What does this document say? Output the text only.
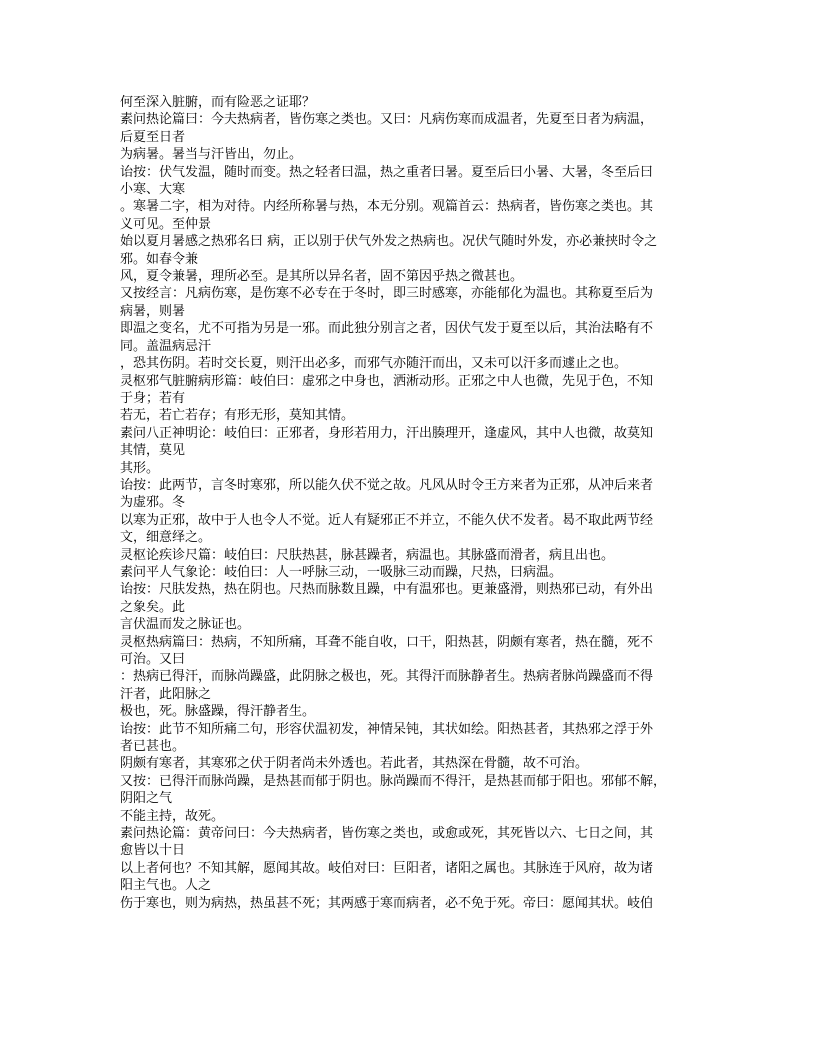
何至深入脏腑，而有险恶之证耶？
素问热论篇曰：今夫热病者，皆伤寒之类也。又曰：凡病伤寒而成温者，先夏至日者为病温，
后夏至日者
为病暑。暑当与汗皆出，勿止。
诒按：伏气发温，随时而变。热之轻者曰温，热之重者曰暑。夏至后曰小暑、大暑，冬至后曰
小寒、大寒
。寒暑二字，相为对待。内经所称暑与热，本无分别。观篇首云：热病者，皆伤寒之类也。其
义可见。至仲景
始以夏月暑感之热邪名曰 病，正以别于伏气外发之热病也。况伏气随时外发，亦必兼挟时令之
邪。如春令兼
风，夏令兼暑，理所必至。是其所以异名者，固不第因乎热之微甚也。
又按经言：凡病伤寒，是伤寒不必专在于冬时，即三时感寒，亦能郁化为温也。其称夏至后为
病暑，则暑
即温之变名，尤不可指为另是一邪。而此独分别言之者，因伏气发于夏至以后，其治法略有不
同。盖温病忌汗
，恐其伤阴。若时交长夏，则汗出必多，而邪气亦随汗而出，又未可以汗多而遽止之也。
灵枢邪气脏腑病形篇：岐伯曰：虚邪之中身也，洒淅动形。正邪之中人也微，先见于色，不知
于身；若有
若无，若亡若存；有形无形，莫知其情。
素问八正神明论：岐伯曰：正邪者，身形若用力，汗出腠理开，逢虚风，其中人也微，故莫知
其情，莫见
其形。
诒按：此两节，言冬时寒邪，所以能久伏不觉之故。凡风从时令王方来者为正邪，从冲后来者
为虚邪。冬
以寒为正邪，故中于人也令人不觉。近人有疑邪正不并立，不能久伏不发者。曷不取此两节经
文，细意绎之。
灵枢论疾诊尺篇：岐伯曰：尺肤热甚，脉甚躁者，病温也。其脉盛而滑者，病且出也。
素问平人气象论：岐伯曰：人一呼脉三动，一吸脉三动而躁，尺热，曰病温。
诒按：尺肤发热，热在阴也。尺热而脉数且躁，中有温邪也。更兼盛滑，则热邪已动，有外出
之象矣。此
言伏温而发之脉证也。
灵枢热病篇曰：热病，不知所痛，耳聋不能自收，口干，阳热甚，阴颇有寒者，热在髓，死不
可治。又曰
：热病已得汗，而脉尚躁盛，此阴脉之极也，死。其得汗而脉静者生。热病者脉尚躁盛而不得
汗者，此阳脉之
极也，死。脉盛躁，得汗静者生。
诒按：此节不知所痛二句，形容伏温初发，神情呆钝，其状如绘。阳热甚者，其热邪之浮于外
者已甚也。
阴颇有寒者，其寒邪之伏于阴者尚未外透也。若此者，其热深在骨髓，故不可治。
又按：已得汗而脉尚躁，是热甚而郁于阴也。脉尚躁而不得汗，是热甚而郁于阳也。邪郁不解，
阴阳之气
不能主持，故死。
素问热论篇：黄帝问曰：今夫热病者，皆伤寒之类也，或愈或死，其死皆以六、七日之间，其
愈皆以十日
以上者何也？不知其解，愿闻其故。岐伯对曰：巨阳者，诸阳之属也。其脉连于风府，故为诸
阳主气也。人之
伤于寒也，则为病热，热虽甚不死；其两感于寒而病者，必不免于死。帝曰：愿闻其状。岐伯
